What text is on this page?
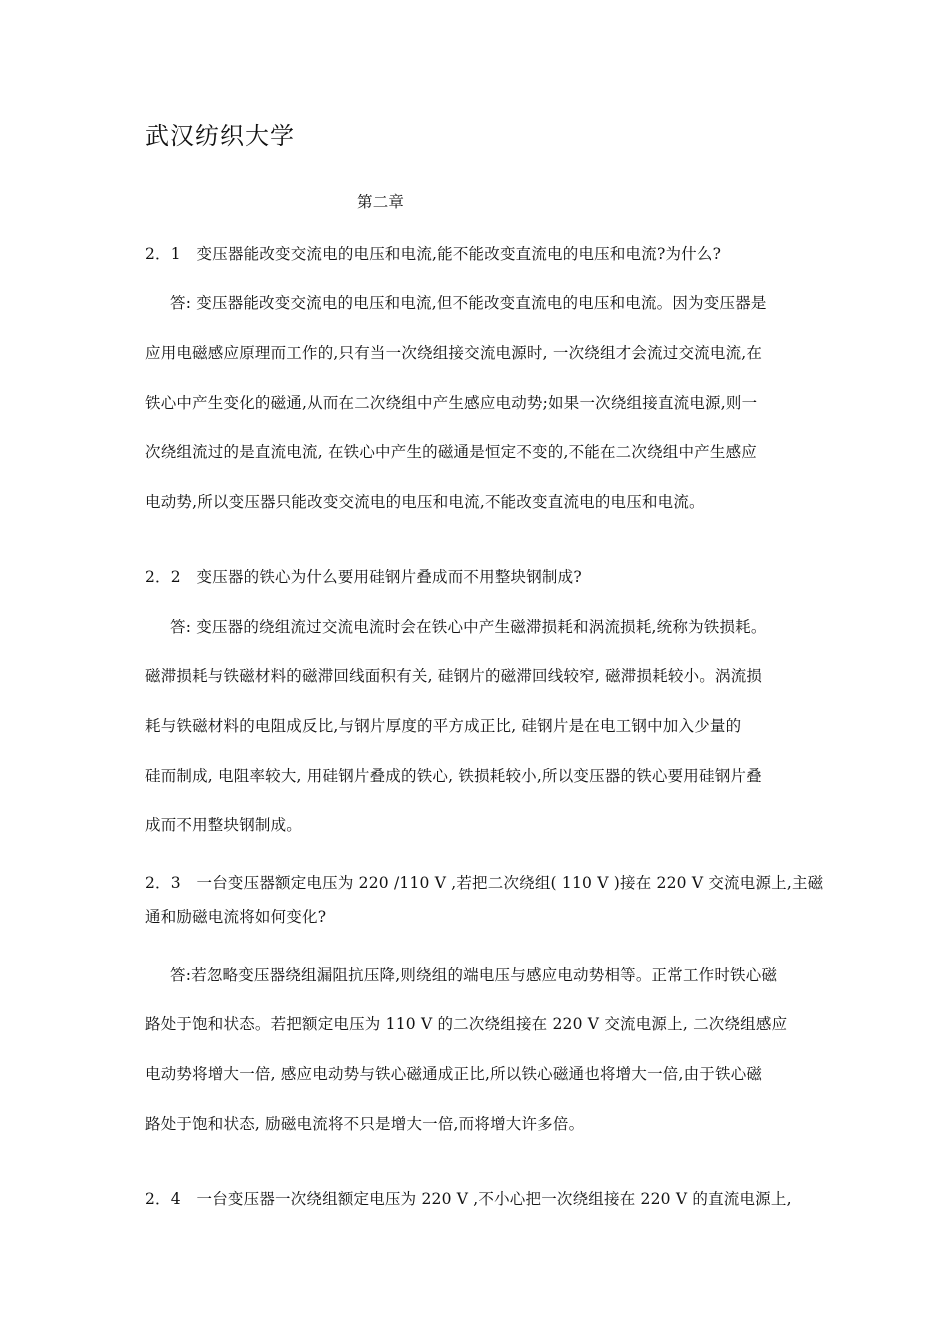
武汉纺织大学
第二章
2．1　变压器能改变交流电的电压和电流,能不能改变直流电的电压和电流?为什么?
答: 变压器能改变交流电的电压和电流,但不能改变直流电的电压和电流。因为变压器是
应用电磁感应原理而工作的,只有当一次绕组接交流电源时, 一次绕组才会流过交流电流,在
铁心中产生变化的磁通,从而在二次绕组中产生感应电动势;如果一次绕组接直流电源,则一
次绕组流过的是直流电流, 在铁心中产生的磁通是恒定不变的,不能在二次绕组中产生感应
电动势,所以变压器只能改变交流电的电压和电流,不能改变直流电的电压和电流。
2．2　变压器的铁心为什么要用硅钢片叠成而不用整块钢制成?
答: 变压器的绕组流过交流电流时会在铁心中产生磁滞损耗和涡流损耗,统称为铁损耗。
磁滞损耗与铁磁材料的磁滞回线面积有关, 硅钢片的磁滞回线较窄, 磁滞损耗较小。涡流损
耗与铁磁材料的电阻成反比,与钢片厚度的平方成正比, 硅钢片是在电工钢中加入少量的
硅而制成, 电阻率较大, 用硅钢片叠成的铁心, 铁损耗较小,所以变压器的铁心要用硅钢片叠
成而不用整块钢制成。
2．3　一台变压器额定电压为 220 /110 V ,若把二次绕组( 110 V )接在 220 V 交流电源上,主磁
通和励磁电流将如何变化?
答:若忽略变压器绕组漏阻抗压降,则绕组的端电压与感应电动势相等。正常工作时铁心磁
路处于饱和状态。若把额定电压为 110 V 的二次绕组接在 220 V 交流电源上, 二次绕组感应
电动势将增大一倍, 感应电动势与铁心磁通成正比,所以铁心磁通也将增大一倍,由于铁心磁
路处于饱和状态, 励磁电流将不只是增大一倍,而将增大许多倍。
2．4　一台变压器一次绕组额定电压为 220 V ,不小心把一次绕组接在 220 V 的直流电源上,
